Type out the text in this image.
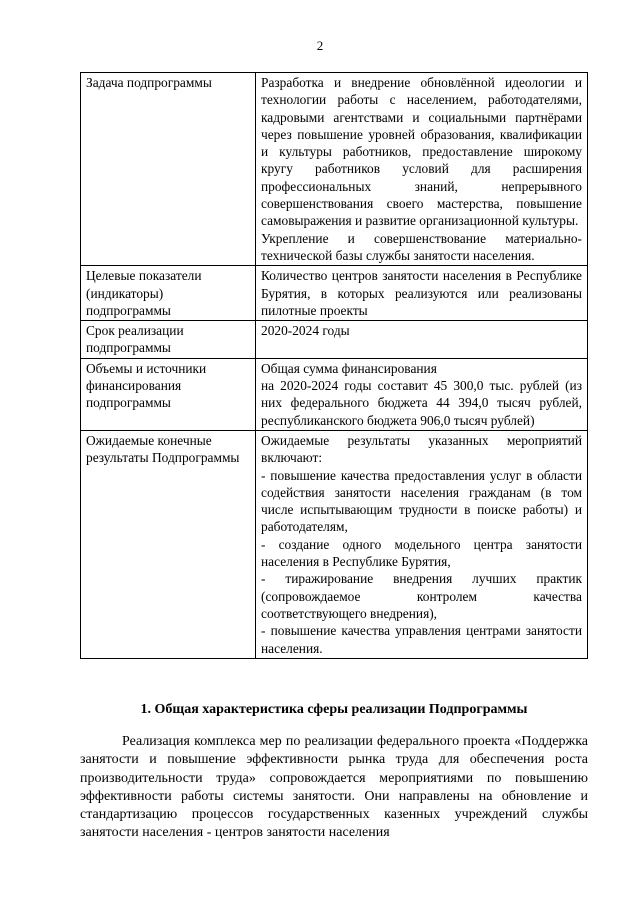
2
Задача подпрограммы	Разработка и внедрение обновлённой идеологии и технологии работы с населением, работодателями, кадровыми агентствами и социальными партнёрами через повышение уровней образования, квалификации и культуры работников, предоставление широкому кругу работников условий для расширения профессиональных знаний, непрерывного совершенствования своего мастерства, повышение самовыражения и развитие организационной культуры.

Укрепление и совершенствование материально-технической базы службы занятости населения.

Целевые показатели (индикаторы) подпрограммы	Количество центров занятости населения в Республике Бурятия, в которых реализуются или реализованы пилотные проекты

Срок реализации подпрограммы	2020-2024 годы

Объемы и источники финансирования подпрограммы	Общая сумма финансирования

на 2020-2024 годы составит 45 300,0 тыс. рублей (из них федерального бюджета 44 394,0 тысяч рублей, республиканского бюджета 906,0 тысяч рублей)

Ожидаемые конечные результаты Подпрограммы	Ожидаемые результаты указанных мероприятий включают:

- повышение качества предоставления услуг в области содействия занятости населения гражданам (в том числе испытывающим трудности в поиске работы) и работодателям,

- создание одного модельного центра занятости населения в Республике Бурятия,

- тиражирование внедрения лучших практик (сопровождаемое контролем качества соответствующего внедрения),

- повышение качества управления центрами занятости населения.

1. Общая характеристика сферы реализации Подпрограммы

Реализация комплекса мер по реализации федерального проекта «Поддержка занятости и повышение эффективности рынка труда для обеспечения роста производительности труда» сопровождается мероприятиями по повышению эффективности работы системы занятости. Они направлены на обновление и стандартизацию процессов государственных казенных учреждений службы занятости населения - центров занятости населения
